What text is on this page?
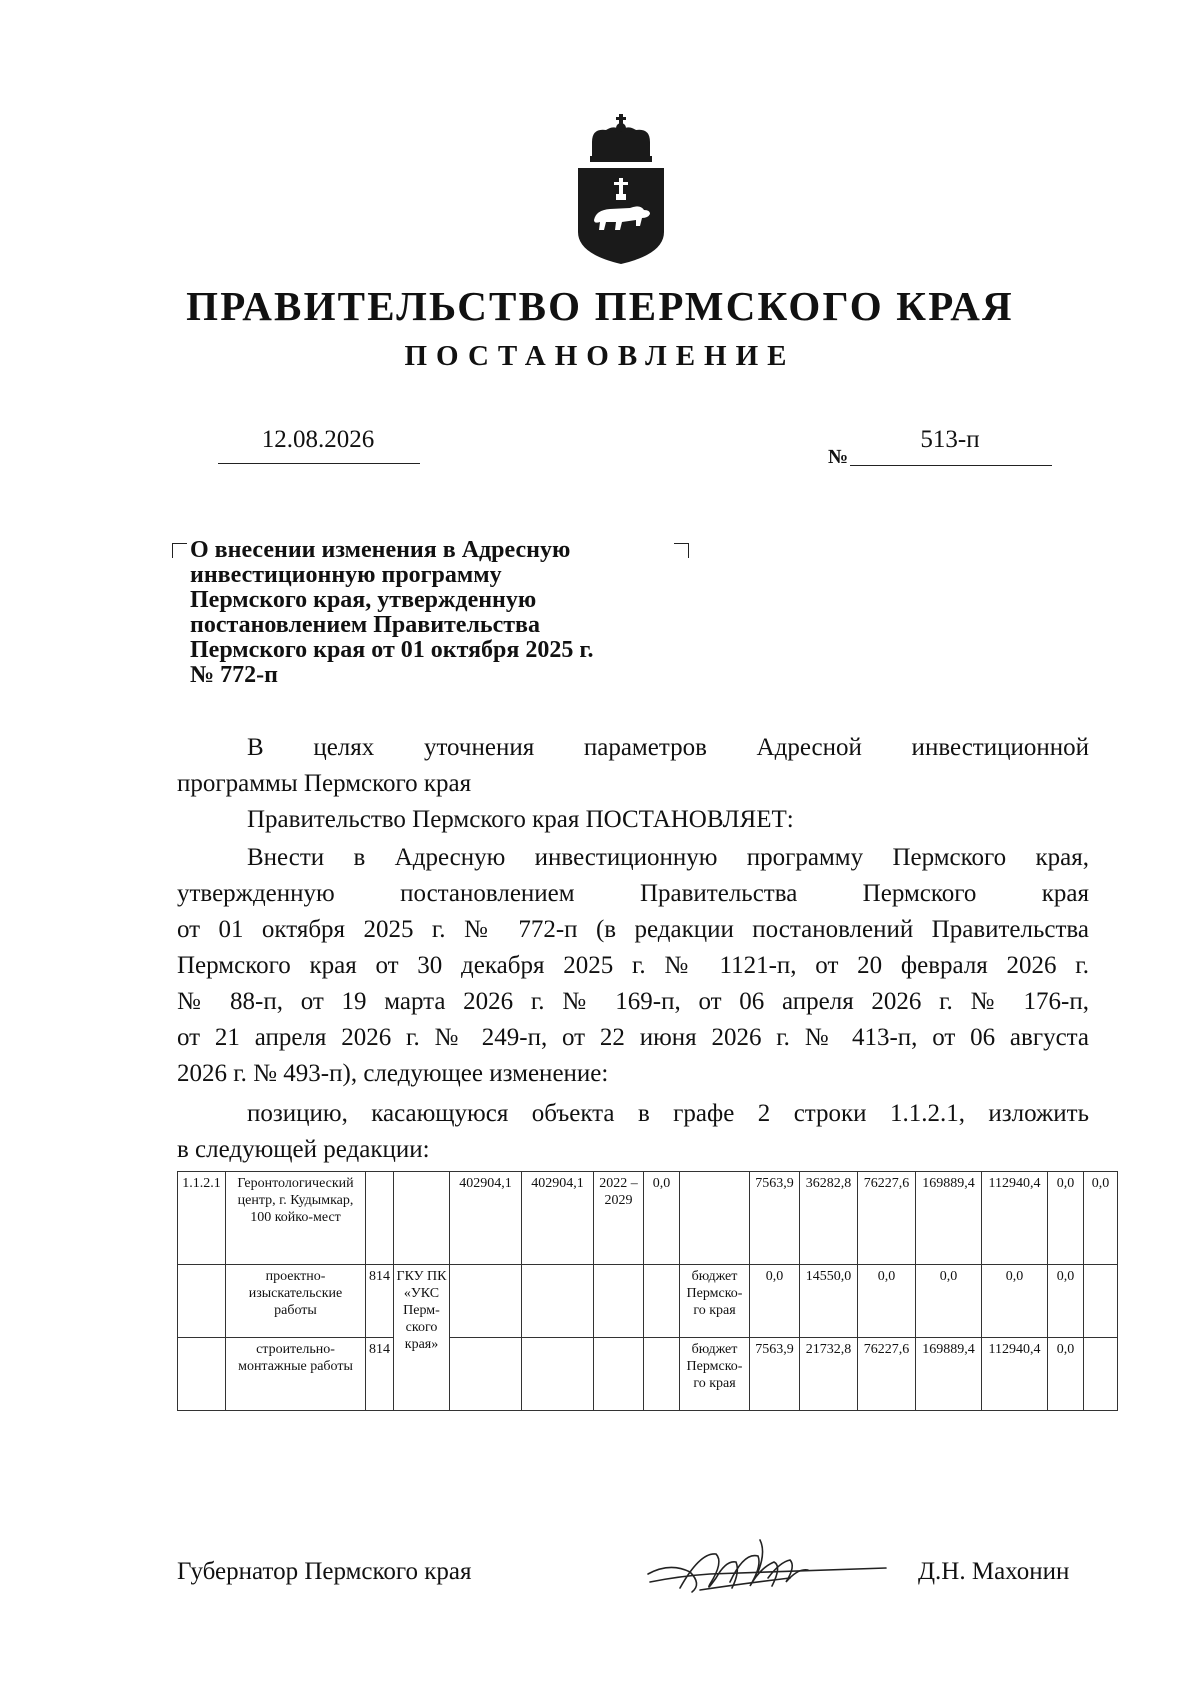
ПРАВИТЕЛЬСТВО ПЕРМСКОГО КРАЯ
ПОСТАНОВЛЕНИЕ
12.08.2026
№
513-п

О внесении изменения в Адресную
инвестиционную программу
Пермского края, утвержденную
постановлением Правительства
Пермского края от 01 октября 2025 г.
№ 772-п

В целях уточнения параметров Адресной инвестиционной
программы Пермского края
Правительство Пермского края ПОСТАНОВЛЯЕТ:
Внести в Адресную инвестиционную программу Пермского края,
утвержденную постановлением Правительства Пермского края
от 01 октября 2025 г. № 772-п (в редакции постановлений Правительства
Пермского края от 30 декабря 2025 г. № 1121-п, от 20 февраля 2026 г.
№ 88-п, от 19 марта 2026 г. № 169-п, от 06 апреля 2026 г. № 176-п,
от 21 апреля 2026 г. № 249-п, от 22 июня 2026 г. № 413-п, от 06 августа
2026 г. № 493-п), следующее изменение:
позицию, касающуюся объекта в графе 2 строки 1.1.2.1, изложить
в следующей редакции:
1.1.2.1	Геронтологический центр, г. Кудымкар, 100 койко-мест			402904,1	402904,1	2022 – 2029	0,0		7563,9	36282,8	76227,6	169889,4	112940,4	0,0	0,0
	проектно-изыскательские работы	814	ГКУ ПК «УКС Перм-ского края»					бюджет Пермско-го края	0,0	14550,0	0,0	0,0	0,0	0,0	
	строительно-монтажные работы	814						бюджет Пермско-го края	7563,9	21732,8	76227,6	169889,4	112940,4	0,0	
Губернатор Пермского края	Д.Н. Махонин
